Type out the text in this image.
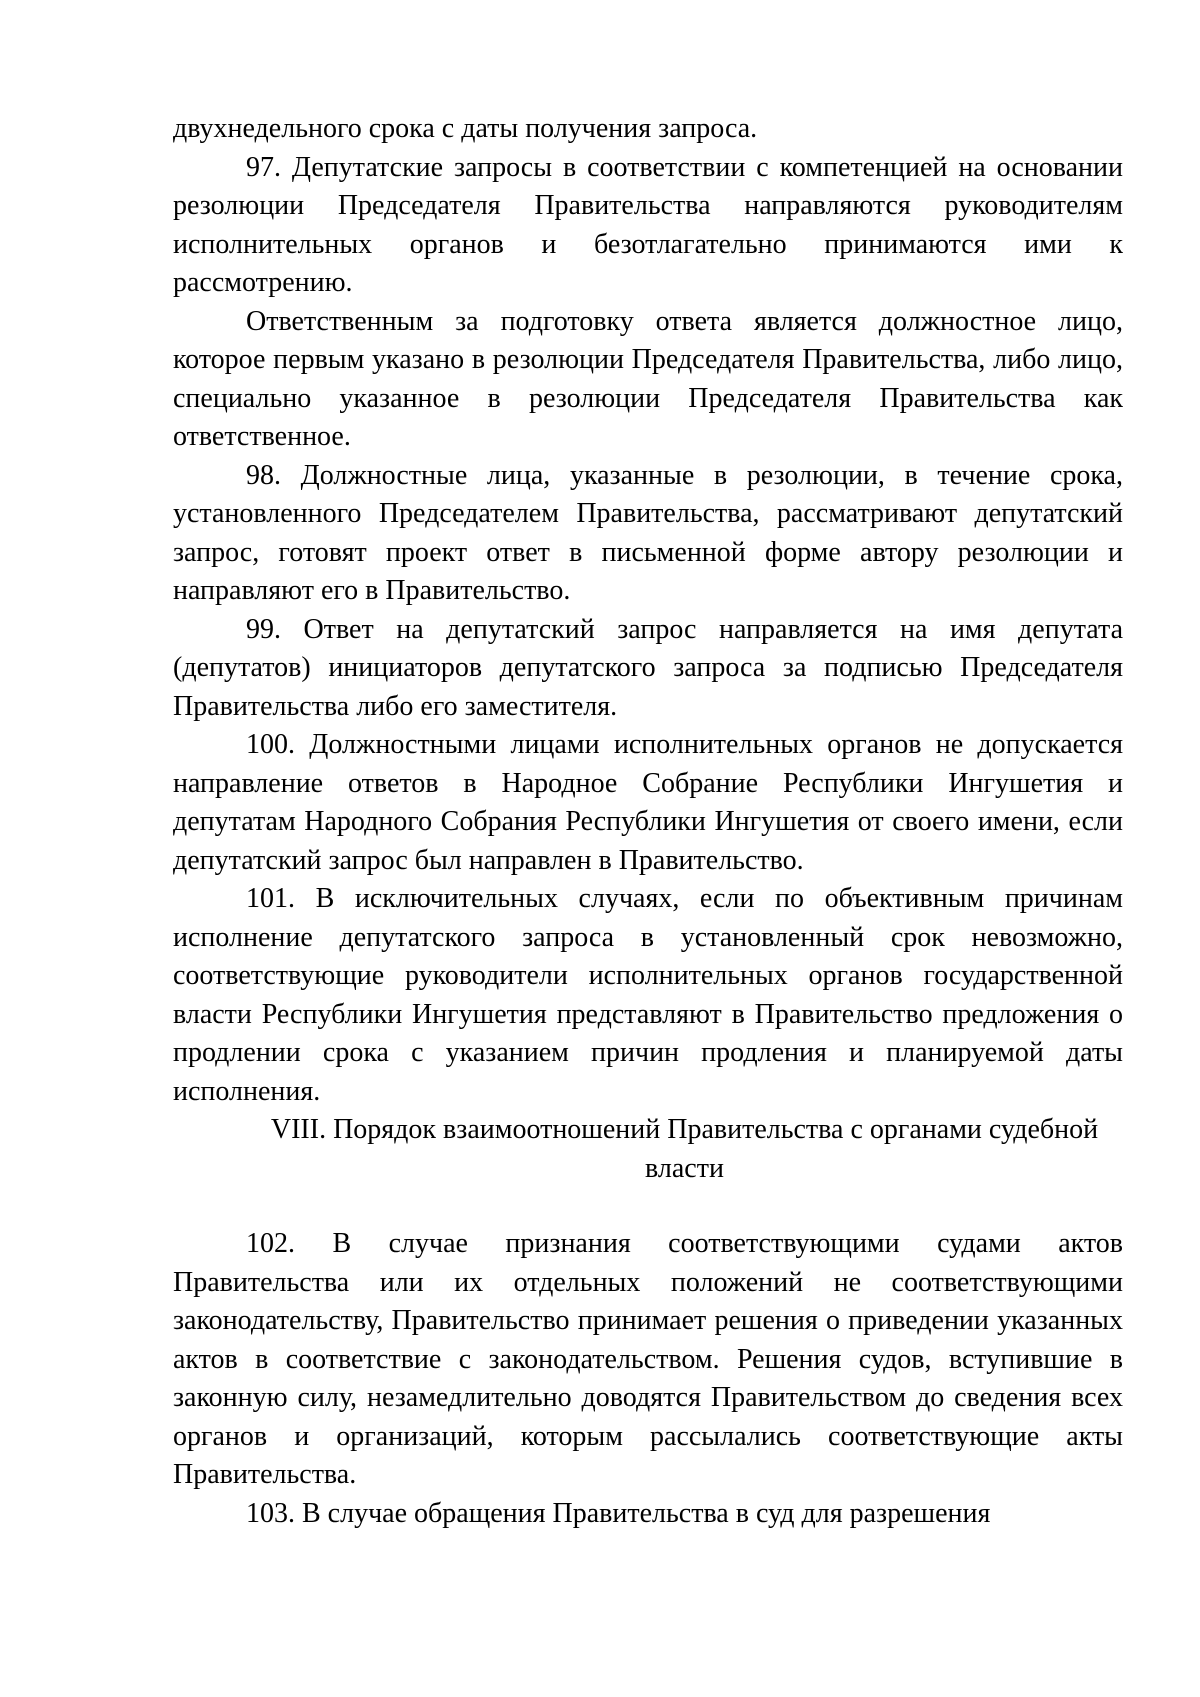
двухнедельного срока с даты получения запроса.

97. Депутатские запросы в соответствии с компетенцией на основании резолюции Председателя Правительства направляются руководителям исполнительных органов и безотлагательно принимаются ими к рассмотрению.

Ответственным за подготовку ответа является должностное лицо, которое первым указано в резолюции Председателя Правительства, либо лицо, специально указанное в резолюции Председателя Правительства как ответственное.

98. Должностные лица, указанные в резолюции, в течение срока, установленного Председателем Правительства, рассматривают депутатский запрос, готовят проект ответ в письменной форме автору резолюции и направляют его в Правительство.

99. Ответ на депутатский запрос направляется на имя депутата (депутатов) инициаторов депутатского запроса за подписью Председателя Правительства либо его заместителя.

100. Должностными лицами исполнительных органов не допускается направление ответов в Народное Собрание Республики Ингушетия и депутатам Народного Собрания Республики Ингушетия от своего имени, если депутатский запрос был направлен в Правительство.

101. В исключительных случаях, если по объективным причинам исполнение депутатского запроса в установленный срок невозможно, соответствующие руководители исполнительных органов государственной власти Республики Ингушетия представляют в Правительство предложения о продлении срока с указанием причин продления и планируемой даты исполнения.

VIII. Порядок взаимоотношений Правительства с органами судебной власти

102. В случае признания соответствующими судами актов Правительства или их отдельных положений не соответствующими законодательству, Правительство принимает решения о приведении указанных актов в соответствие с законодательством. Решения судов, вступившие в законную силу, незамедлительно доводятся Правительством до сведения всех органов и организаций, которым рассылались соответствующие акты Правительства.

103. В случае обращения Правительства в суд для разрешения
